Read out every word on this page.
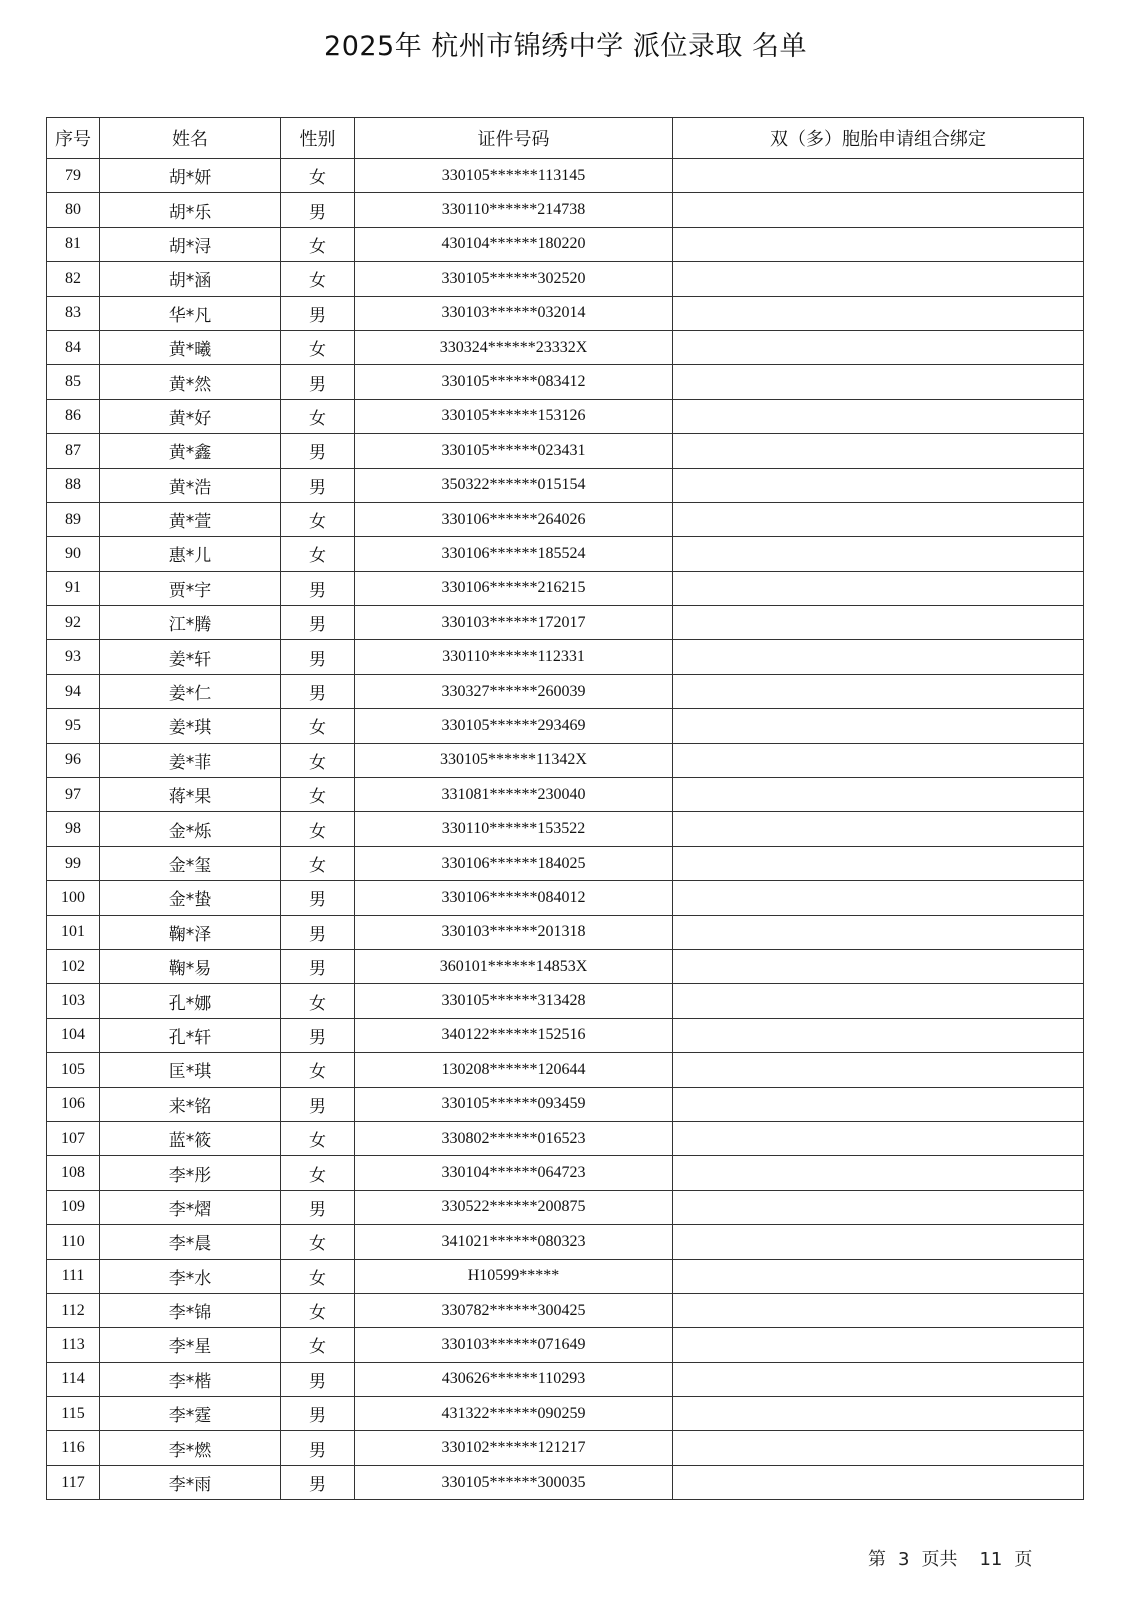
2025年 杭州市锦绣中学 派位录取 名单
序号	姓名	性别	证件号码	双（多）胞胎申请组合绑定
79	胡*妍	女	330105******113145	
80	胡*乐	男	330110******214738	
81	胡*浔	女	430104******180220	
82	胡*涵	女	330105******302520	
83	华*凡	男	330103******032014	
84	黄*曦	女	330324******23332X	
85	黄*然	男	330105******083412	
86	黄*好	女	330105******153126	
87	黄*鑫	男	330105******023431	
88	黄*浩	男	350322******015154	
89	黄*萱	女	330106******264026	
90	惠*儿	女	330106******185524	
91	贾*宇	男	330106******216215	
92	江*腾	男	330103******172017	
93	姜*轩	男	330110******112331	
94	姜*仁	男	330327******260039	
95	姜*琪	女	330105******293469	
96	姜*菲	女	330105******11342X	
97	蒋*果	女	331081******230040	
98	金*烁	女	330110******153522	
99	金*玺	女	330106******184025	
100	金*蛰	男	330106******084012	
101	鞠*泽	男	330103******201318	
102	鞠*易	男	360101******14853X	
103	孔*娜	女	330105******313428	
104	孔*轩	男	340122******152516	
105	匡*琪	女	130208******120644	
106	来*铭	男	330105******093459	
107	蓝*筱	女	330802******016523	
108	李*彤	女	330104******064723	
109	李*熠	男	330522******200875	
110	李*晨	女	341021******080323	
111	李*水	女	H10599*****	
112	李*锦	女	330782******300425	
113	李*星	女	330103******071649	
114	李*楷	男	430626******110293	
115	李*霆	男	431322******090259	
116	李*燃	男	330102******121217	
117	李*雨	男	330105******300035	
第 3 页共 11 页
